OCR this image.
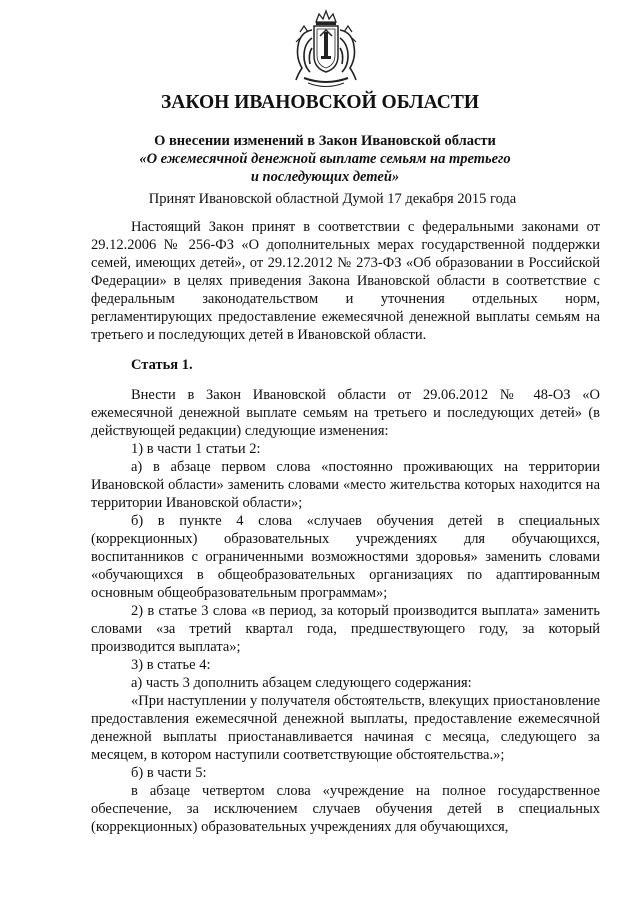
ЗАКОН ИВАНОВСКОЙ ОБЛАСТИ
О внесении изменений в Закон Ивановской области
«О ежемесячной денежной выплате семьям на третьего
и последующих детей»
Принят Ивановской областной Думой 17 декабря 2015 года

Настоящий Закон принят в соответствии с федеральными законами от 29.12.2006 № 256-ФЗ «О дополнительных мерах государственной поддержки семей, имеющих детей», от 29.12.2012 № 273-ФЗ «Об образовании в Российской Федерации» в целях приведения Закона Ивановской области в соответствие с федеральным законодательством и уточнения отдельных норм, регламентирующих предоставление ежемесячной денежной выплаты семьям на третьего и последующих детей в Ивановской области.

Статья 1.

Внести в Закон Ивановской области от 29.06.2012 № 48-ОЗ «О ежемесячной денежной выплате семьям на третьего и последующих детей» (в действующей редакции) следующие изменения:

1) в части 1 статьи 2:

а) в абзаце первом слова «постоянно проживающих на территории Ивановской области» заменить словами «место жительства которых находится на территории Ивановской области»;

б) в пункте 4 слова «случаев обучения детей в специальных (коррекционных) образовательных учреждениях для обучающихся, воспитанников с ограниченными возможностями здоровья» заменить словами «обучающихся в общеобразовательных организациях по адаптированным основным общеобразовательным программам»;

2) в статье 3 слова «в период, за который производится выплата» заменить словами «за третий квартал года, предшествующего году, за который производится выплата»;

3) в статье 4:

а) часть 3 дополнить абзацем следующего содержания:

«При наступлении у получателя обстоятельств, влекущих приостановление предоставления ежемесячной денежной выплаты, предоставление ежемесячной денежной выплаты приостанавливается начиная с месяца, следующего за месяцем, в котором наступили соответствующие обстоятельства.»;

б) в части 5:

в абзаце четвертом слова «учреждение на полное государственное обеспечение, за исключением случаев обучения детей в специальных (коррекционных) образовательных учреждениях для обучающихся,
